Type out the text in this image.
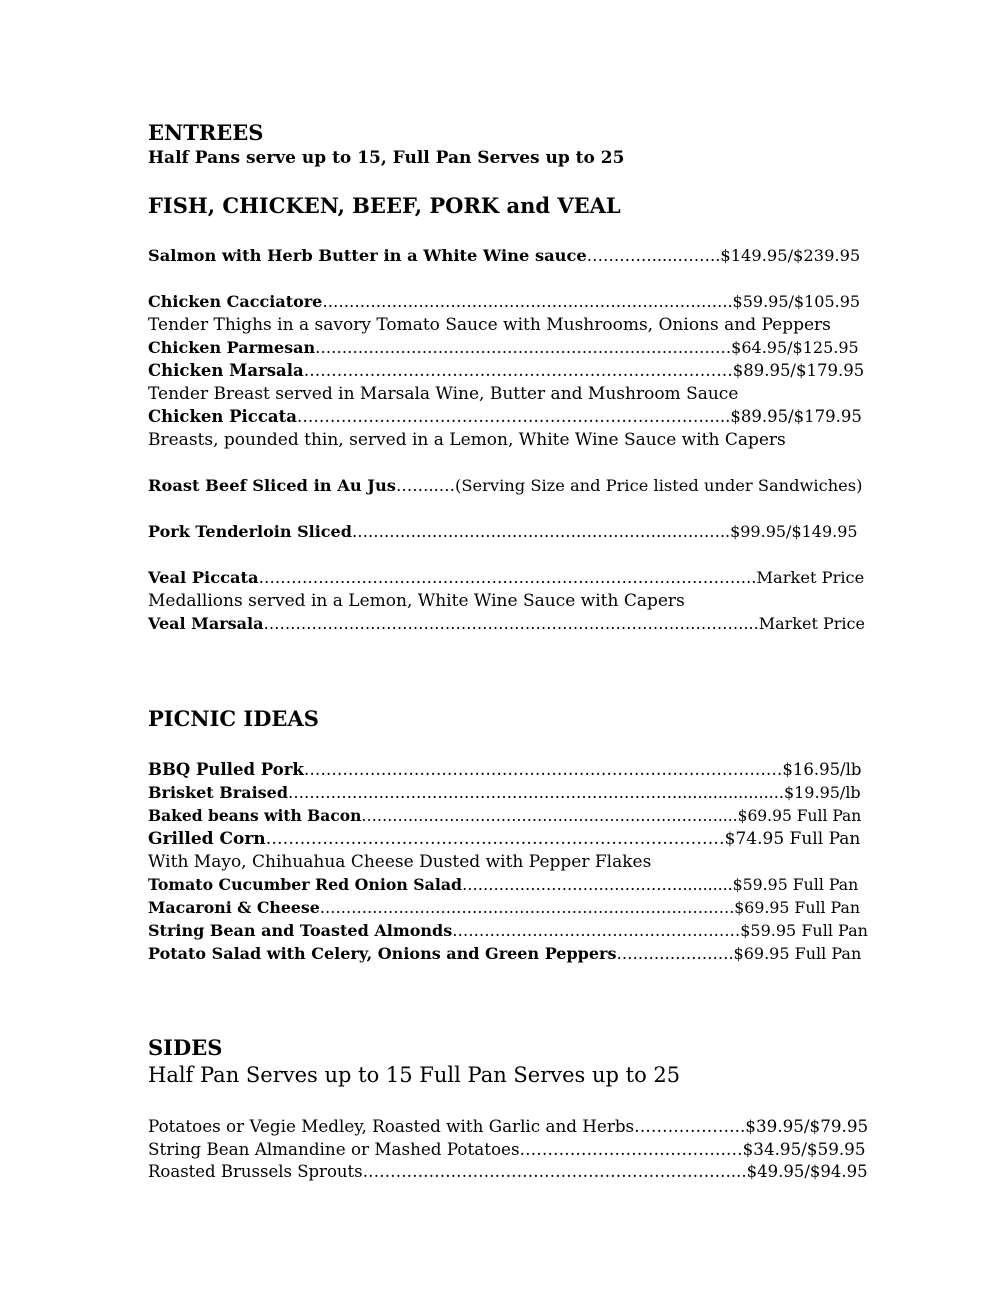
ENTREES
Half Pans serve up to 15, Full Pan Serves up to 25
FISH, CHICKEN, BEEF, PORK and VEAL
Salmon with Herb Butter in a White Wine sauce………….....……..$149.95/$239.95
Chicken Cacciatore…………………………………………………………………..$59.95/$105.95
Tender Thighs in a savory Tomato Sauce with Mushrooms, Onions and Peppers
Chicken Parmesan……………………………………………………………………$64.95/$125.95
Chicken Marsala……………………………………………………………………$89.95/$179.95
Tender Breast served in Marsala Wine, Butter and Mushroom Sauce
Chicken Piccata…………………………………………………………………....$89.95/$179.95
Breasts, pounded thin, served in a Lemon, White Wine Sauce with Capers
Roast Beef Sliced in Au Jus……..…(Serving Size and Price listed under Sandwiches)
Pork Tenderloin Sliced……………………………………………………………..$99.95/$149.95
Veal Piccata………………………………………………………………………………..Market Price
Medallions served in a Lemon, White Wine Sauce with Capers
Veal Marsala………………………………………………………………………………...Market Price
PICNIC IDEAS
BBQ Pulled Pork……………………………………………………………………………$16.95/lb
Brisket Braised………………………………………………………………......................$19.95/lb
Baked beans with Bacon……………………………………………………………....$69.95 Full Pan
Grilled Corn………………………………………………………………………$74.95 Full Pan
With Mayo, Chihuahua Cheese Dusted with Pepper Flakes
Tomato Cucumber Red Onion Salad……………………………………..........$59.95 Full Pan
Macaroni & Cheese…………………………………………………………………….$69.95 Full Pan
String Bean and Toasted Almonds………………………………………………$59.95 Full Pan
Potato Salad with Celery, Onions and Green Peppers………………….$69.95 Full Pan
SIDES
Half Pan Serves up to 15 Full Pan Serves up to 25
Potatoes or Vegie Medley, Roasted with Garlic and Herbs………………..$39.95/$79.95
String Bean Almandine or Mashed Potatoes……………………………….…$34.95/$59.95
Roasted Brussels Sprouts…………………………………………………………....$49.95/$94.95
